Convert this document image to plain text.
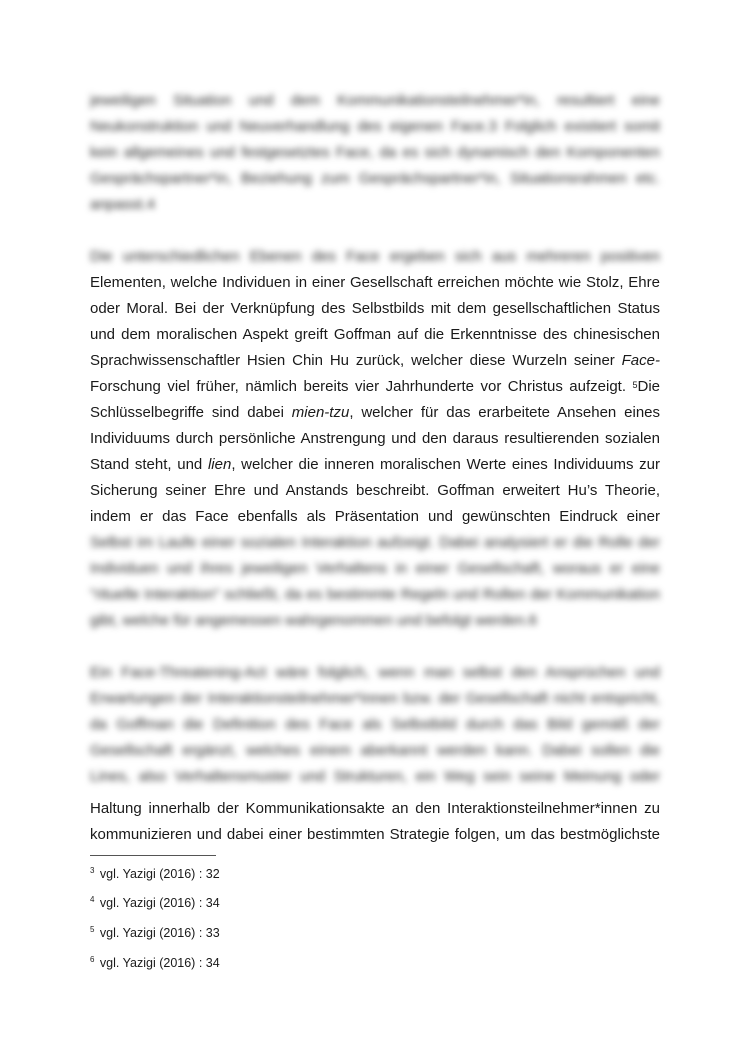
jeweiligen Situation und dem Kommunikationsteilnehmer*in, resultiert eine
Neukonstruktion und Neuverhandlung des eigenen Face.3 Folglich existiert somit
kein allgemeines und festgesetztes Face, da es sich dynamisch den Komponenten
Gesprächspartner*in, Beziehung zum Gesprächspartner*in, Situationsrahmen etc.
anpasst.4
Die unterschiedlichen Ebenen des Face ergeben sich aus mehreren positiven
Elementen, welche Individuen in einer Gesellschaft erreichen möchte wie Stolz, Ehre
oder Moral. Bei der Verknüpfung des Selbstbilds mit dem gesellschaftlichen Status
und dem moralischen Aspekt greift Goffman auf die Erkenntnisse des chinesischen
Sprachwissenschaftler Hsien Chin Hu zurück, welcher diese Wurzeln seiner Face-
Forschung viel früher, nämlich bereits vier Jahrhunderte vor Christus aufzeigt. $^5$Die
Schlüsselbegriffe sind dabei mien-tzu, welcher für das erarbeitete Ansehen eines
Individuums durch persönliche Anstrengung und den daraus resultierenden sozialen
Stand steht, und lien, welcher die inneren moralischen Werte eines Individuums zur
Sicherung seiner Ehre und Anstands beschreibt. Goffman erweitert Hu’s Theorie,
indem er das Face ebenfalls als Präsentation und gewünschten Eindruck einer
Selbst im Laufe einer sozialen Interaktion aufzeigt. Dabei analysiert er die Rolle der
Individuen und ihres jeweiligen Verhaltens in einer Gesellschaft, woraus er eine
"rituelle Interaktion" schließt, da es bestimmte Regeln und Rollen der Kommunikation
gibt, welche für angemessen wahrgenommen und befolgt werden.6
Ein Face-Threatening-Act wäre folglich, wenn man selbst den Ansprüchen und
Erwartungen der Interaktionsteilnehmer*innen bzw. der Gesellschaft nicht entspricht,
da Goffman die Definition des Face als Selbstbild durch das Bild gemäß der
Gesellschaft ergänzt, welches einem aberkannt werden kann. Dabei sollen die
Lines, also Verhaltensmuster und Strukturen, ein Weg sein seine Meinung oder
Haltung innerhalb der Kommunikationsakte an den Interaktionsteilnehmer*innen zu
kommunizieren und dabei einer bestimmten Strategie folgen, um das bestmöglichste
$^3$ vgl. Yazigi (2016) : 32
$^4$ vgl. Yazigi (2016) : 34
$^5$ vgl. Yazigi (2016) : 33
$^6$ vgl. Yazigi (2016) : 34
